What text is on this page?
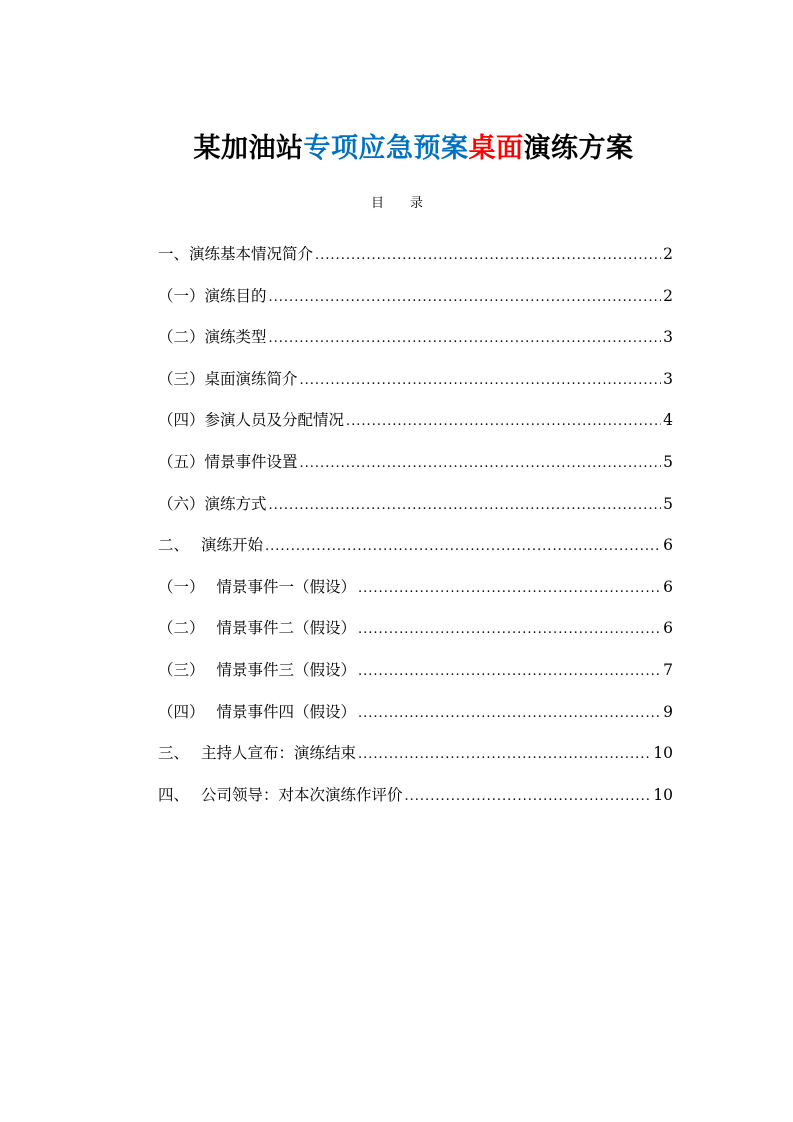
某加油站专项应急预案桌面演练方案
目 录
一、 演练基本情况简介 .....	2
（一） 演练目的 .....	2
（二） 演练类型 .....	3
（三） 桌面演练简介 .....	3
（四） 参演人员及分配情况 .....	4
（五） 情景事件设置 .....	5
（六） 演练方式 .....	5
二、 演练开始 .....	6
（一） 情景事件一（假设） .....	6
（二） 情景事件二（假设） .....	6
（三） 情景事件三（假设） .....	7
（四） 情景事件四（假设） .....	9
三、 主持人宣布：演练结束 .....	10
四、 公司领导：对本次演练作评价 .....	10
